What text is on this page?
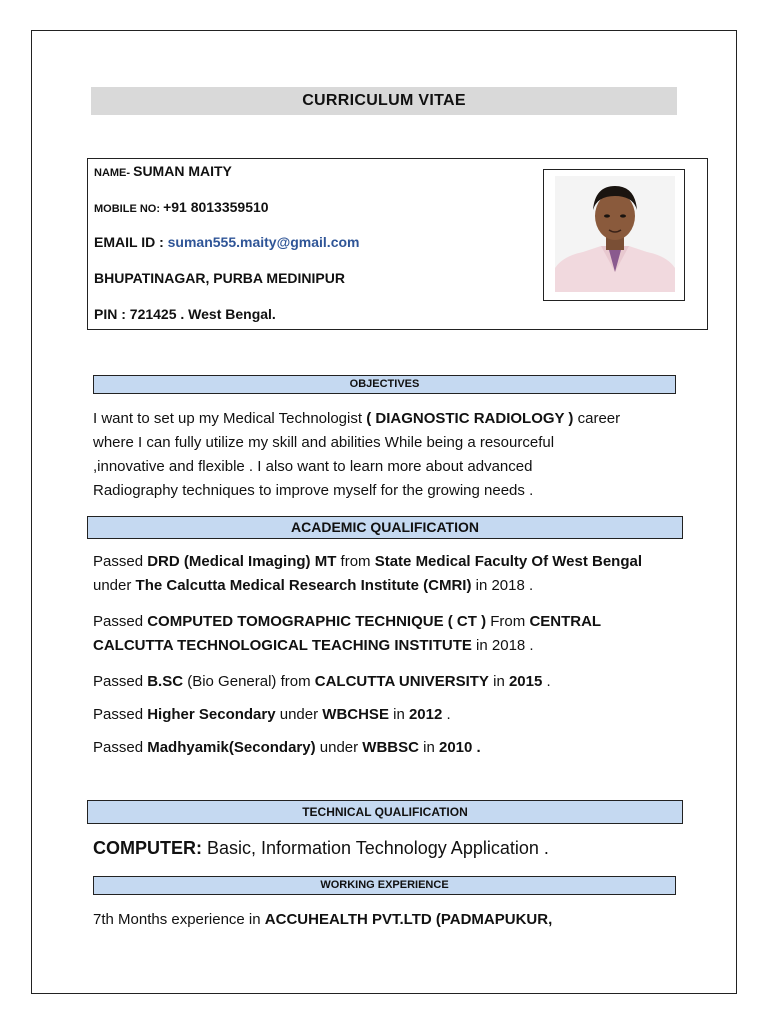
CURRICULUM VITAE
NAME- SUMAN MAITY
MOBILE NO: +91 8013359510
EMAIL ID : suman555.maity@gmail.com
BHUPATINAGAR, PURBA MEDINIPUR
PIN : 721425 . West Bengal.
OBJECTIVES
I want to set up my Medical Technologist ( DIAGNOSTIC RADIOLOGY ) career
where I can fully utilize my skill and abilities While being a resourceful
,innovative and flexible . I also want to learn more about advanced
Radiography techniques to improve myself for the growing needs .
ACADEMIC QUALIFICATION
Passed DRD (Medical Imaging) MT from State Medical Faculty Of West Bengal
under The Calcutta Medical Research Institute (CMRI) in 2018 .
Passed COMPUTED TOMOGRAPHIC TECHNIQUE ( CT ) From CENTRAL
CALCUTTA TECHNOLOGICAL TEACHING INSTITUTE in 2018 .
Passed B.SC (Bio General) from CALCUTTA UNIVERSITY in 2015 .
Passed Higher Secondary under WBCHSE in 2012 .
Passed Madhyamik(Secondary) under WBBSC in 2010 .
TECHNICAL QUALIFICATION
COMPUTER: Basic, Information Technology Application .
WORKING EXPERIENCE
7th Months experience in ACCUHEALTH PVT.LTD (PADMAPUKUR,
